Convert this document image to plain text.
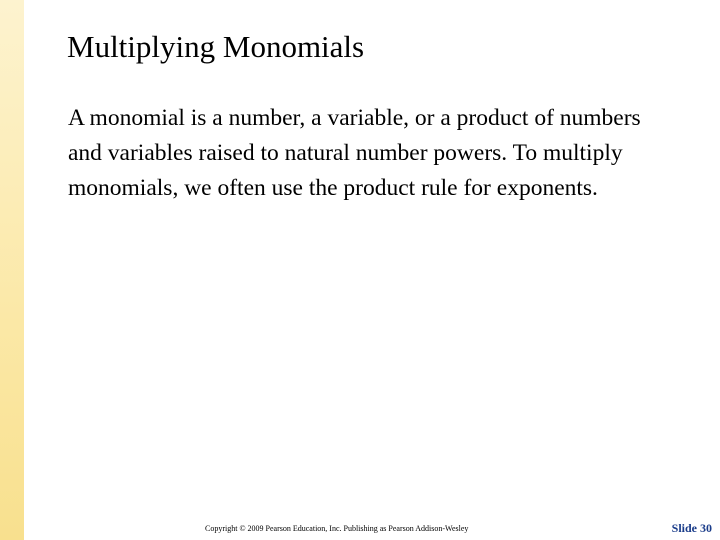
Multiplying Monomials

A monomial is a number, a variable, or a product of numbers and variables raised to natural number powers. To multiply monomials, we often use the product rule for exponents.

Copyright © 2009 Pearson Education, Inc. Publishing as Pearson Addison-Wesley	Slide 30
